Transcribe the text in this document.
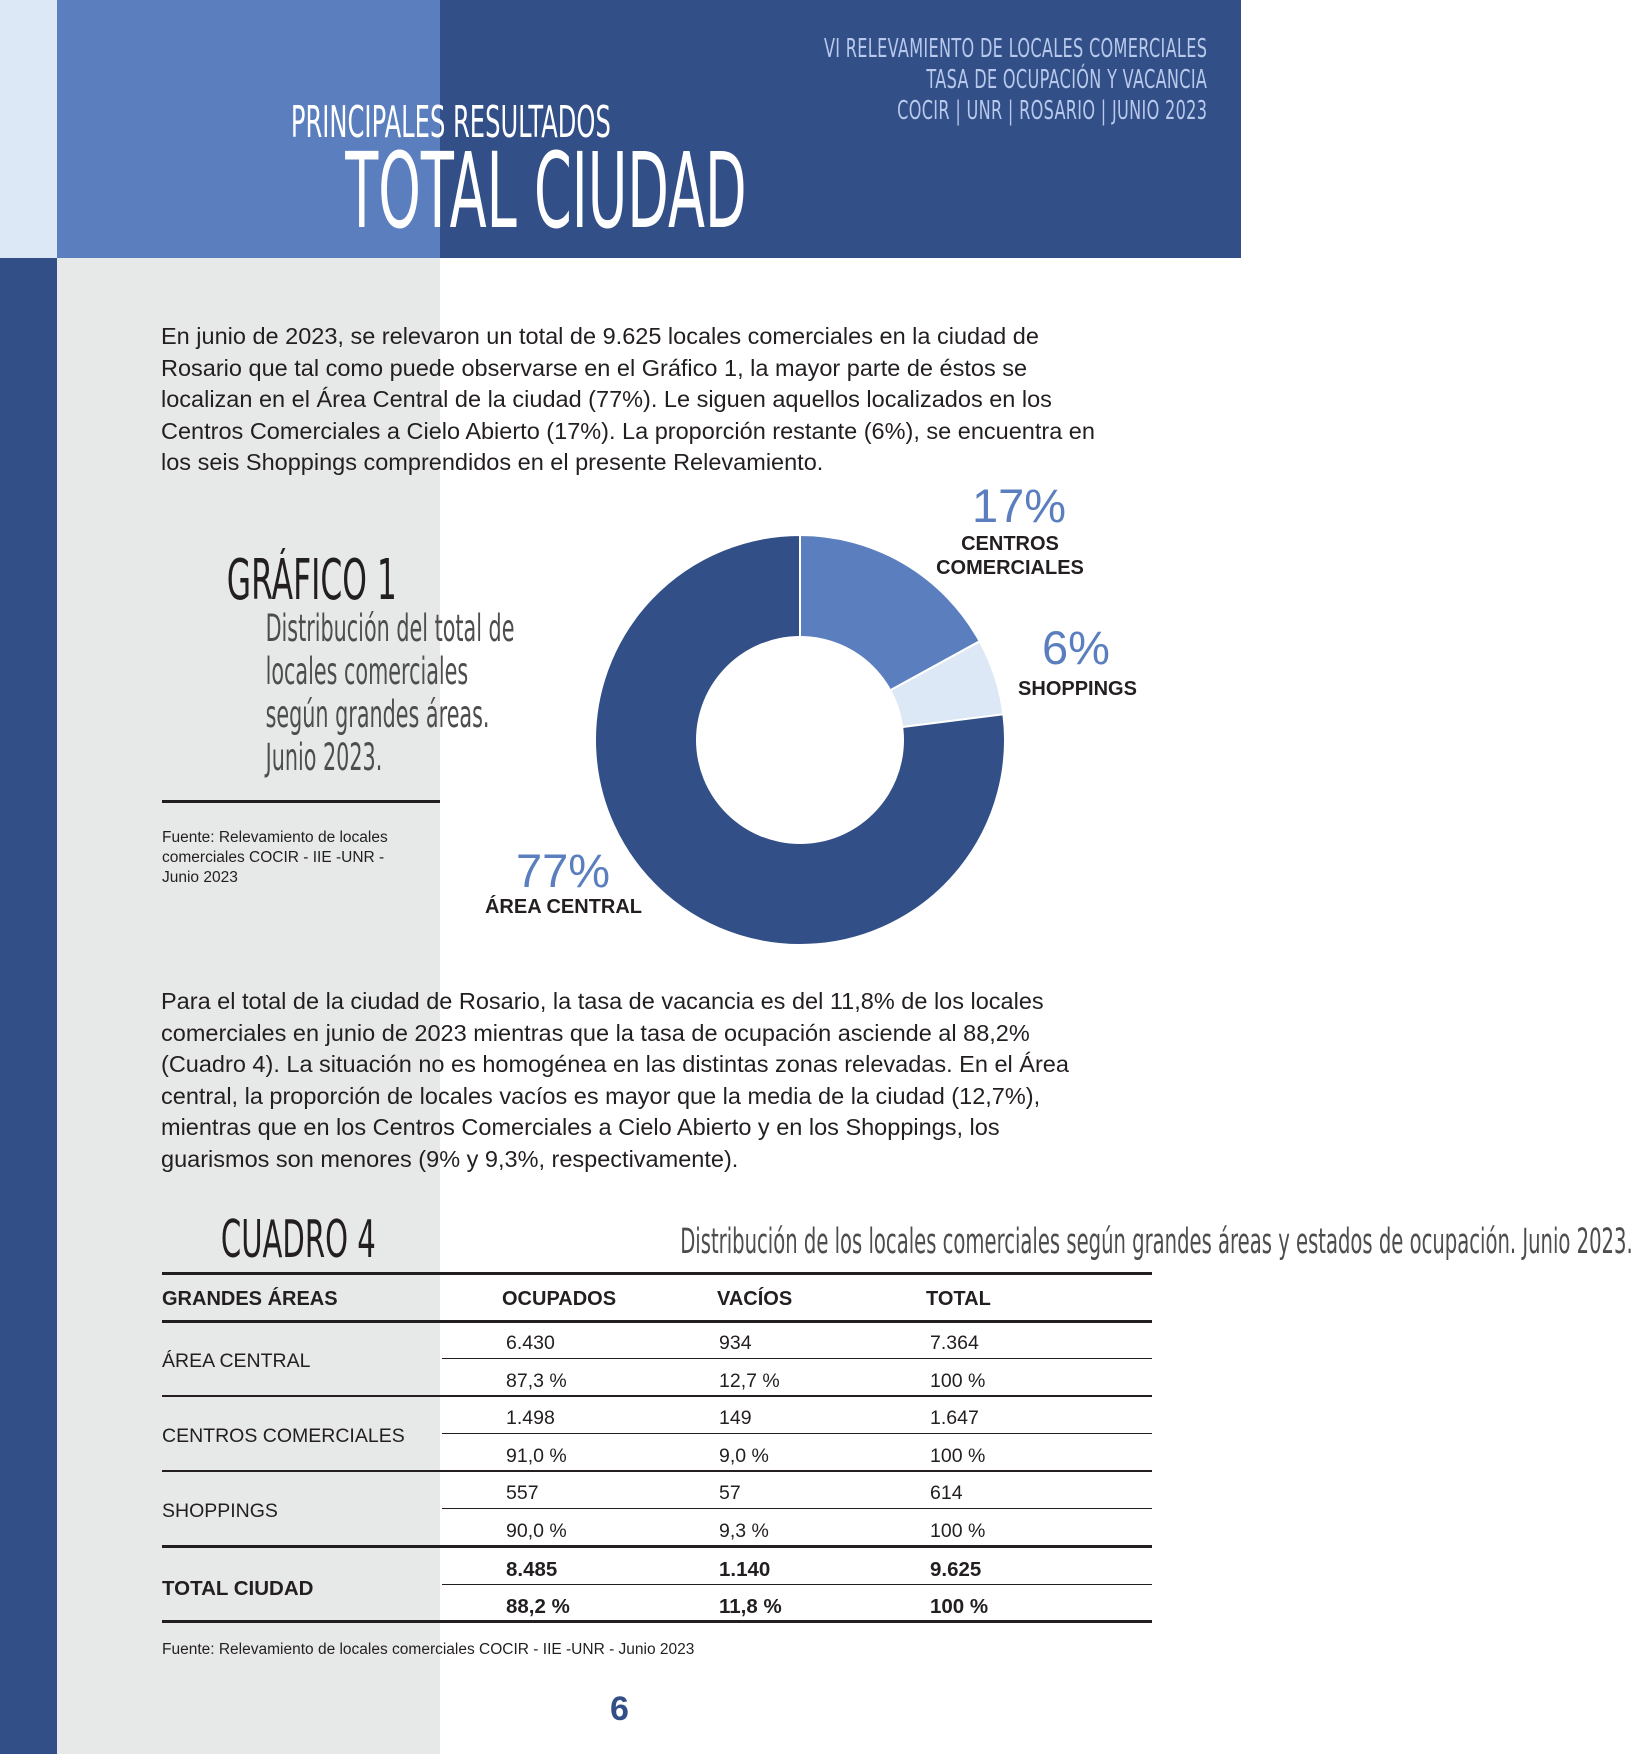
VI RELEVAMIENTO DE LOCALES COMERCIALES
TASA DE OCUPACIÓN Y VACANCIA
COCIR | UNR | ROSARIO | JUNIO 2023
PRINCIPALES RESULTADOS
TOTAL CIUDAD
En junio de 2023, se relevaron un total de 9.625 locales comerciales en la ciudad de Rosario que tal como puede observarse en el Gráfico 1, la mayor parte de éstos se localizan en el Área Central de la ciudad (77%). Le siguen aquellos localizados en los Centros Comerciales a Cielo Abierto (17%). La proporción restante (6%), se encuentra en los seis Shoppings comprendidos en el presente Relevamiento.
GRÁFICO 1
Distribución del total de locales comerciales según grandes áreas. Junio 2023.
Fuente: Relevamiento de locales comerciales COCIR - IIE -UNR - Junio 2023
17%
CENTROS COMERCIALES
6%
SHOPPINGS
77%
ÁREA CENTRAL
Para el total de la ciudad de Rosario, la tasa de vacancia es del 11,8% de los locales comerciales en junio de 2023 mientras que la tasa de ocupación asciende al 88,2% (Cuadro 4). La situación no es homogénea en las distintas zonas relevadas. En el Área central, la proporción de locales vacíos es mayor que la media de la ciudad (12,7%), mientras que en los Centros Comerciales a Cielo Abierto y en los Shoppings, los guarismos son menores (9% y 9,3%, respectivamente).
CUADRO 4	Distribución de los locales comerciales según grandes áreas y estados de ocupación. Junio 2023.
GRANDES ÁREAS	OCUPADOS	VACÍOS	TOTAL
ÁREA CENTRAL
6.430	934	7.364
87,3 %	12,7 %	100 %
CENTROS COMERCIALES
1.498	149	1.647
91,0 %	9,0 %	100 %
SHOPPINGS
557	57	614
90,0 %	9,3 %	100 %
TOTAL CIUDAD
8.485	1.140	9.625
88,2 %	11,8 %	100 %
Fuente: Relevamiento de locales comerciales COCIR - IIE -UNR - Junio 2023
6
